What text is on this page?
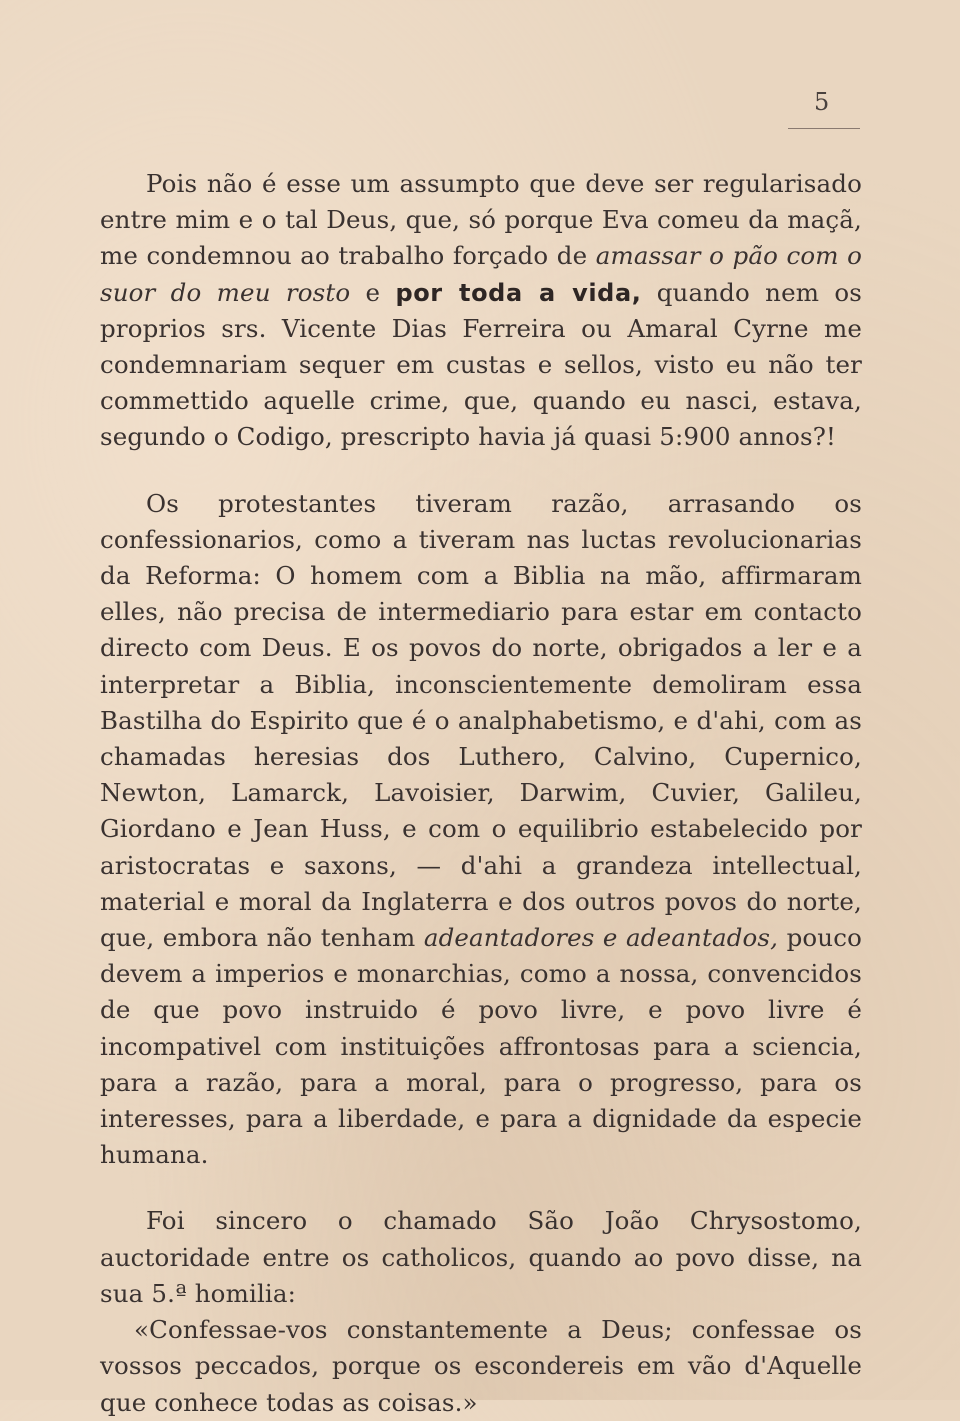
5

Pois não é esse um assumpto que deve ser regularisado entre mim e o tal Deus, que, só porque Eva comeu da maçã, me condemnou ao trabalho forçado de amassar o pão com o suor do meu rosto e por toda a vida, quando nem os proprios srs. Vicente Dias Ferreira ou Amaral Cyrne me condemnariam sequer em custas e sellos, visto eu não ter commettido aquelle crime, que, quando eu nasci, estava, segundo o Codigo, prescripto havia já quasi 5:900 annos?!

Os protestantes tiveram razão, arrasando os confessionarios, como a tiveram nas luctas revolucionarias da Reforma: O homem com a Biblia na mão, affirmaram elles, não precisa de intermediario para estar em contacto directo com Deus. E os povos do norte, obrigados a ler e a interpretar a Biblia, inconscientemente demoliram essa Bastilha do Espirito que é o analphabetismo, e d'ahi, com as chamadas heresias dos Luthero, Calvino, Cupernico, Newton, Lamarck, Lavoisier, Darwim, Cuvier, Galileu, Giordano e Jean Huss, e com o equilibrio estabelecido por aristocratas e saxons, — d'ahi a grandeza intellectual, material e moral da Inglaterra e dos outros povos do norte, que, embora não tenham adeantadores e adeantados, pouco devem a imperios e monarchias, como a nossa, convencidos de que povo instruido é povo livre, e povo livre é incompativel com instituições affrontosas para a sciencia, para a razão, para a moral, para o progresso, para os interesses, para a liberdade, e para a dignidade da especie humana.

Foi sincero o chamado São João Chrysostomo, auctoridade entre os catholicos, quando ao povo disse, na sua 5.ª homilia:

«Confessae-vos constantemente a Deus; confessae os vossos peccados, porque os escondereis em vão d'Aquelle que conhece todas as coisas.»
